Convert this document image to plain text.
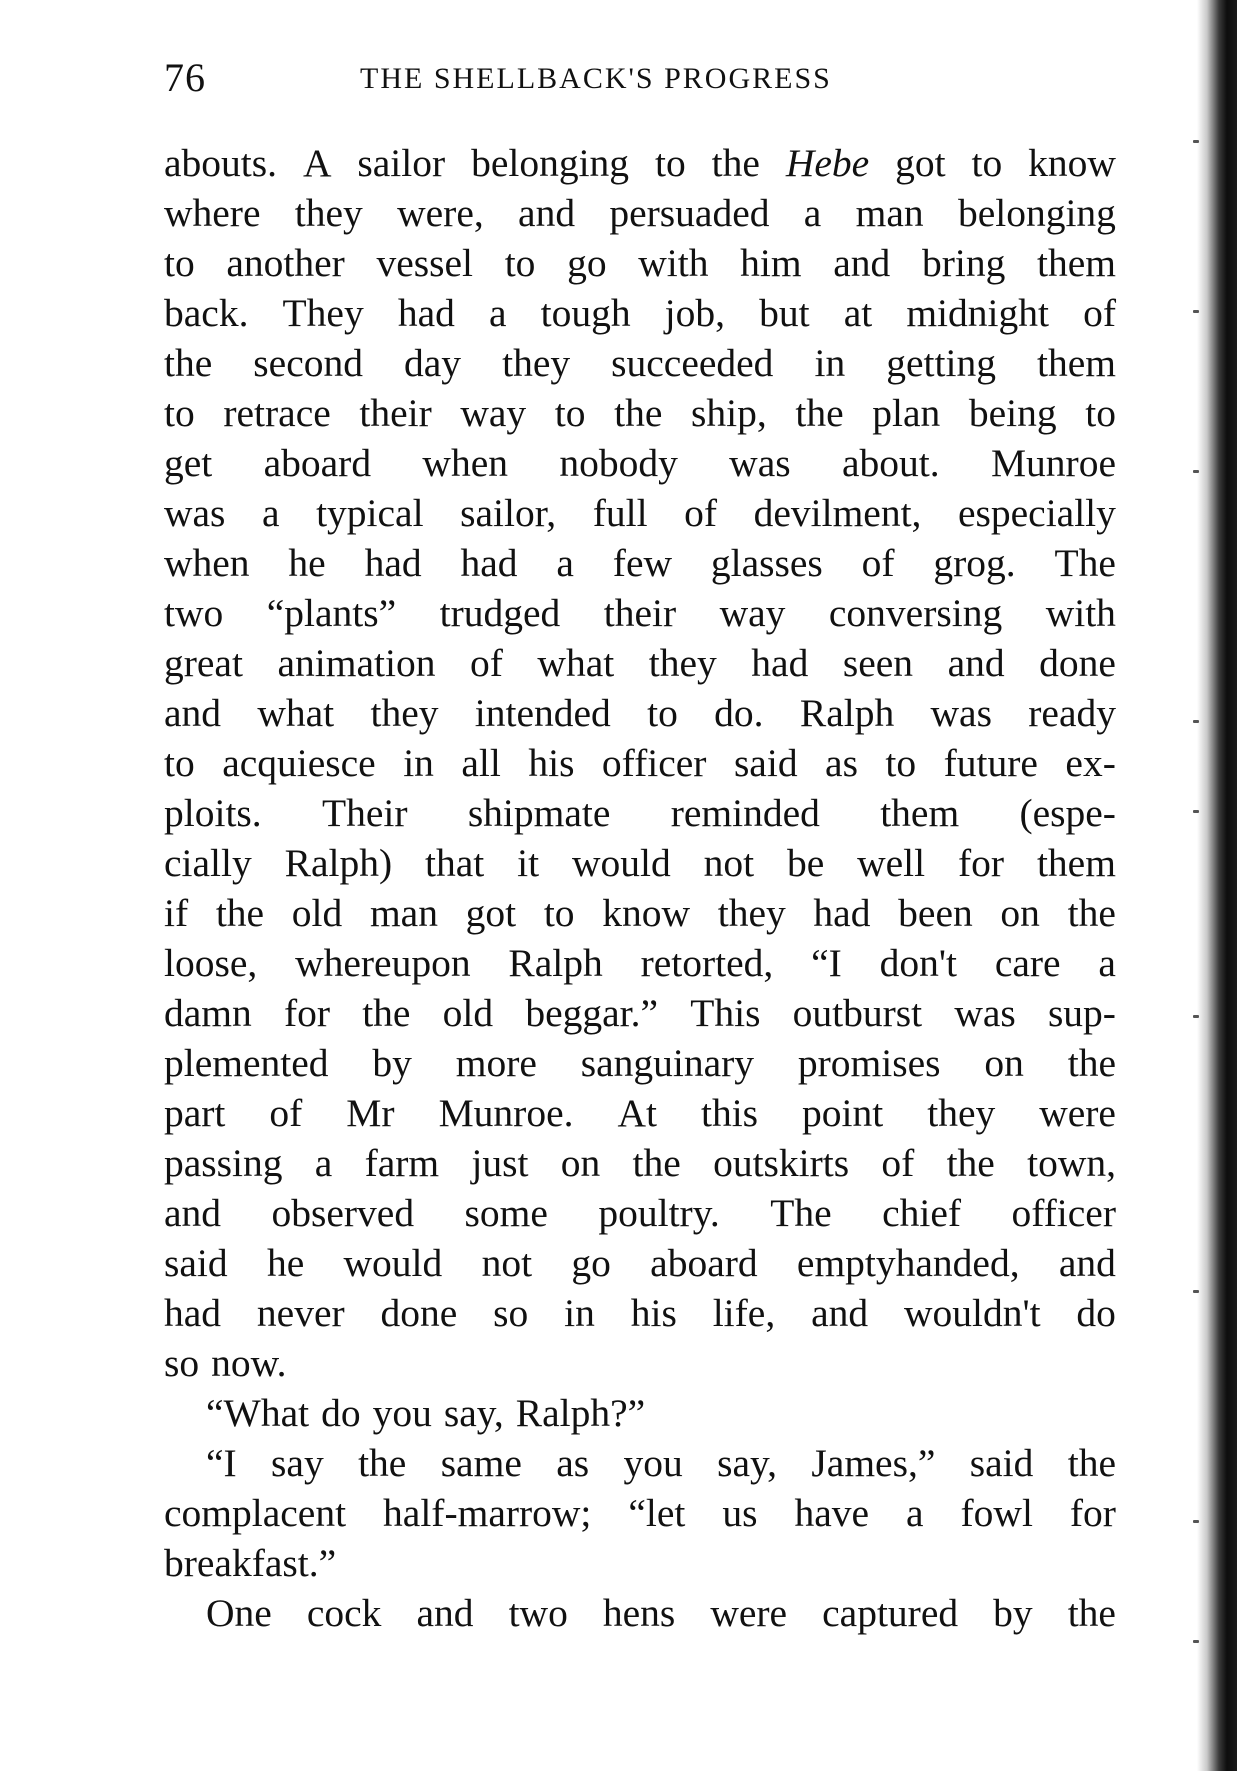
76	THE SHELLBACK'S PROGRESS
abouts. A sailor belonging to the Hebe got to know
where they were, and persuaded a man belonging
to another vessel to go with him and bring them
back. They had a tough job, but at midnight of
the second day they succeeded in getting them
to retrace their way to the ship, the plan being to
get aboard when nobody was about. Munroe
was a typical sailor, full of devilment, especially
when he had had a few glasses of grog. The
two “plants” trudged their way conversing with
great animation of what they had seen and done
and what they intended to do. Ralph was ready
to acquiesce in all his officer said as to future ex-
ploits. Their shipmate reminded them (espe-
cially Ralph) that it would not be well for them
if the old man got to know they had been on the
loose, whereupon Ralph retorted, “I don't care a
damn for the old beggar.” This outburst was sup-
plemented by more sanguinary promises on the
part of Mr Munroe. At this point they were
passing a farm just on the outskirts of the town,
and observed some poultry. The chief officer
said he would not go aboard emptyhanded, and
had never done so in his life, and wouldn't do
so now.
“What do you say, Ralph?”
“I say the same as you say, James,” said the
complacent half-marrow; “let us have a fowl for
breakfast.”
One cock and two hens were captured by the
